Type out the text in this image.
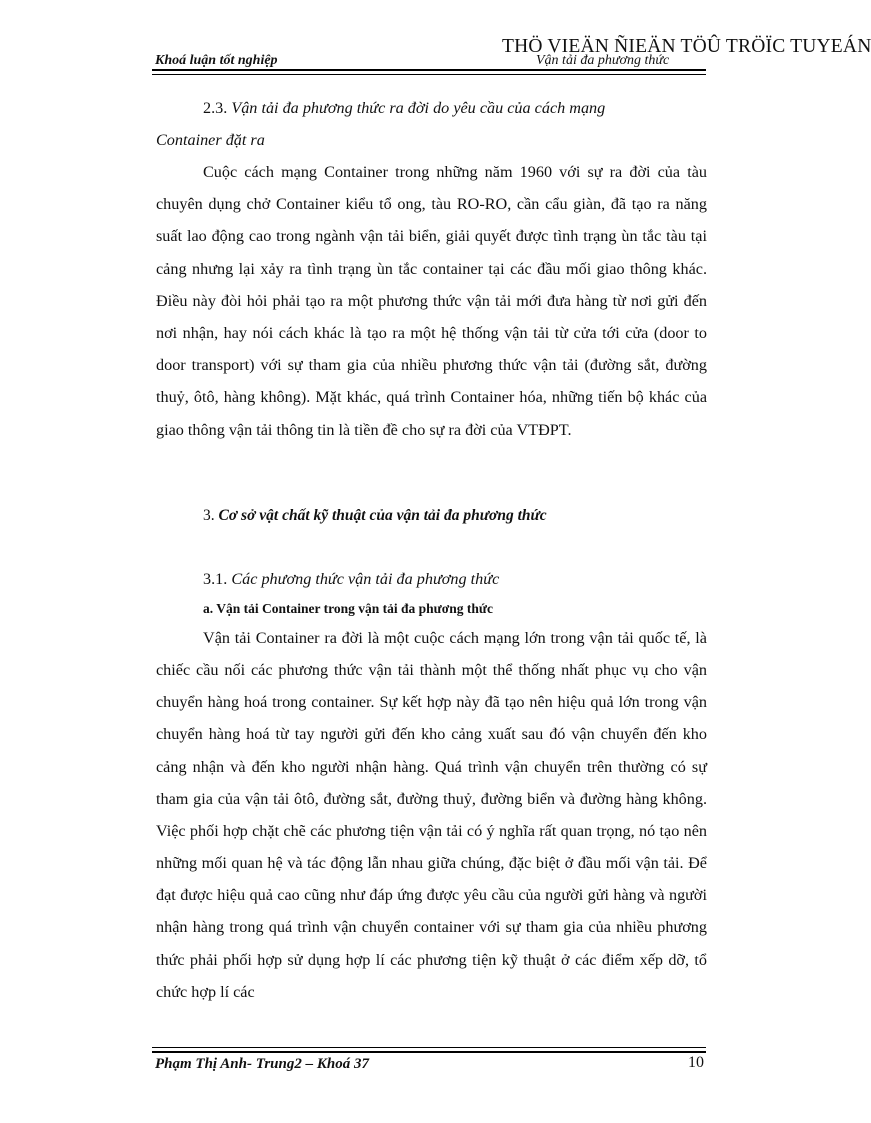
THÖ VIEÄN ÑIEÄN TÖÛ TRÖÏC TUYEÁN
Khoá luận tốt nghiệp	Vận tải đa phương thức
2.3. Vận tải đa phương thức ra đời do yêu cầu của cách mạng
Container đặt ra

Cuộc cách mạng Container trong những năm 1960 với sự ra đời của tàu chuyên dụng chở Container kiểu tổ ong, tàu RO-RO, cần cẩu giàn, đã tạo ra năng suất lao động cao trong ngành vận tải biển, giải quyết được tình trạng ùn tắc tàu tại cảng nhưng lại xảy ra tình trạng ùn tắc container tại các đầu mối giao thông khác. Điều này đòi hỏi phải tạo ra một phương thức vận tải mới đưa hàng từ nơi gửi đến nơi nhận, hay nói cách khác là tạo ra một hệ thống vận tải từ cửa tới cửa (door to door transport) với sự tham gia của nhiều phương thức vận tải (đường sắt, đường thuỷ, ôtô, hàng không). Mặt khác, quá trình Container hóa, những tiến bộ khác của giao thông vận tải thông tin là tiền đề cho sự ra đời của VTĐPT.

3. Cơ sở vật chất kỹ thuật của vận tải đa phương thức
3.1. Các phương thức vận tải đa phương thức
a. Vận tải Container trong vận tải đa phương thức

Vận tải Container ra đời là một cuộc cách mạng lớn trong vận tải quốc tế, là chiếc cầu nối các phương thức vận tải thành một thể thống nhất phục vụ cho vận chuyển hàng hoá trong container. Sự kết hợp này đã tạo nên hiệu quả lớn trong vận chuyển hàng hoá từ tay người gửi đến kho cảng xuất sau đó vận chuyển đến kho cảng nhận và đến kho người nhận hàng. Quá trình vận chuyển trên thường có sự tham gia của vận tải ôtô, đường sắt, đường thuỷ, đường biển và đường hàng không. Việc phối hợp chặt chẽ các phương tiện vận tải có ý nghĩa rất quan trọng, nó tạo nên những mối quan hệ và tác động lẫn nhau giữa chúng, đặc biệt ở đầu mối vận tải. Để đạt được hiệu quả cao cũng như đáp ứng được yêu cầu của người gửi hàng và người nhận hàng trong quá trình vận chuyển container với sự tham gia của nhiều phương thức phải phối hợp sử dụng hợp lí các phương tiện kỹ thuật ở các điểm xếp dỡ, tổ chức hợp lí các

Phạm Thị Anh- Trung2 – Khoá 37	10
